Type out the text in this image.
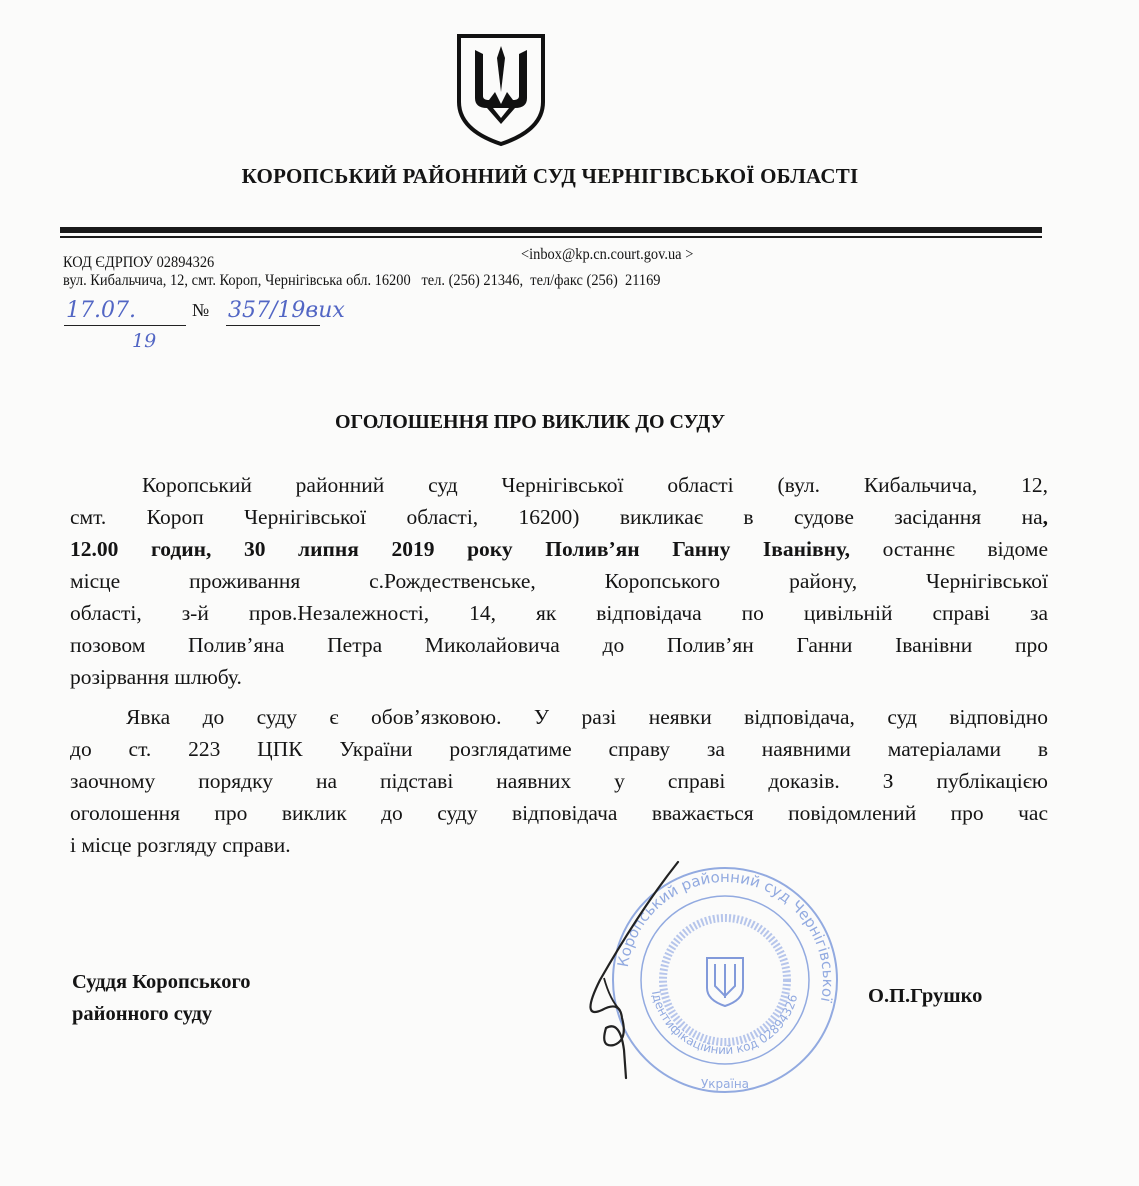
КОРОПСЬКИЙ РАЙОННИЙ СУД ЧЕРНІГІВСЬКОЇ ОБЛАСТІ
КОД ЄДРПОУ 02894326	<inbox@kp.cn.court.gov.ua >
вул. Кибальчича, 12, смт. Короп, Чернігівська обл. 16200   тел. (256) 21346,  тел/факс (256)  21169
17.07.
19
№ 357/19вих
ОГОЛОШЕННЯ ПРО ВИКЛИК ДО СУДУ
Коропський районний суд Чернігівської області (вул. Кибальчича, 12,
смт. Короп Чернігівської області, 16200) викликає в судове засідання на,
12.00 годин, 30 липня 2019 року Полив’ян Ганну Іванівну, останнє відоме
місце проживання с.Рождественське, Коропського району, Чернігівської
області, з-й пров.Незалежності, 14, як відповідача по цивільній справі за
позовом Полив’яна Петра Миколайовича до Полив’ян Ганни Іванівни про
розірвання шлюбу.
Явка до суду є обов’язковою. У разі неявки відповідача, суд відповідно
до ст. 223 ЦПК України розглядатиме справу за наявними матеріалами в
заочному порядку на підставі наявних у справі доказів. З публікацією
оголошення про виклик до суду відповідача вважається повідомлений про час
і місце розгляду справи.
Суддя Коропського
районного суду
О.П.Грушко
Коропський районний суд Чернігівської
Ідентифікаційний код 02894326
Україна
